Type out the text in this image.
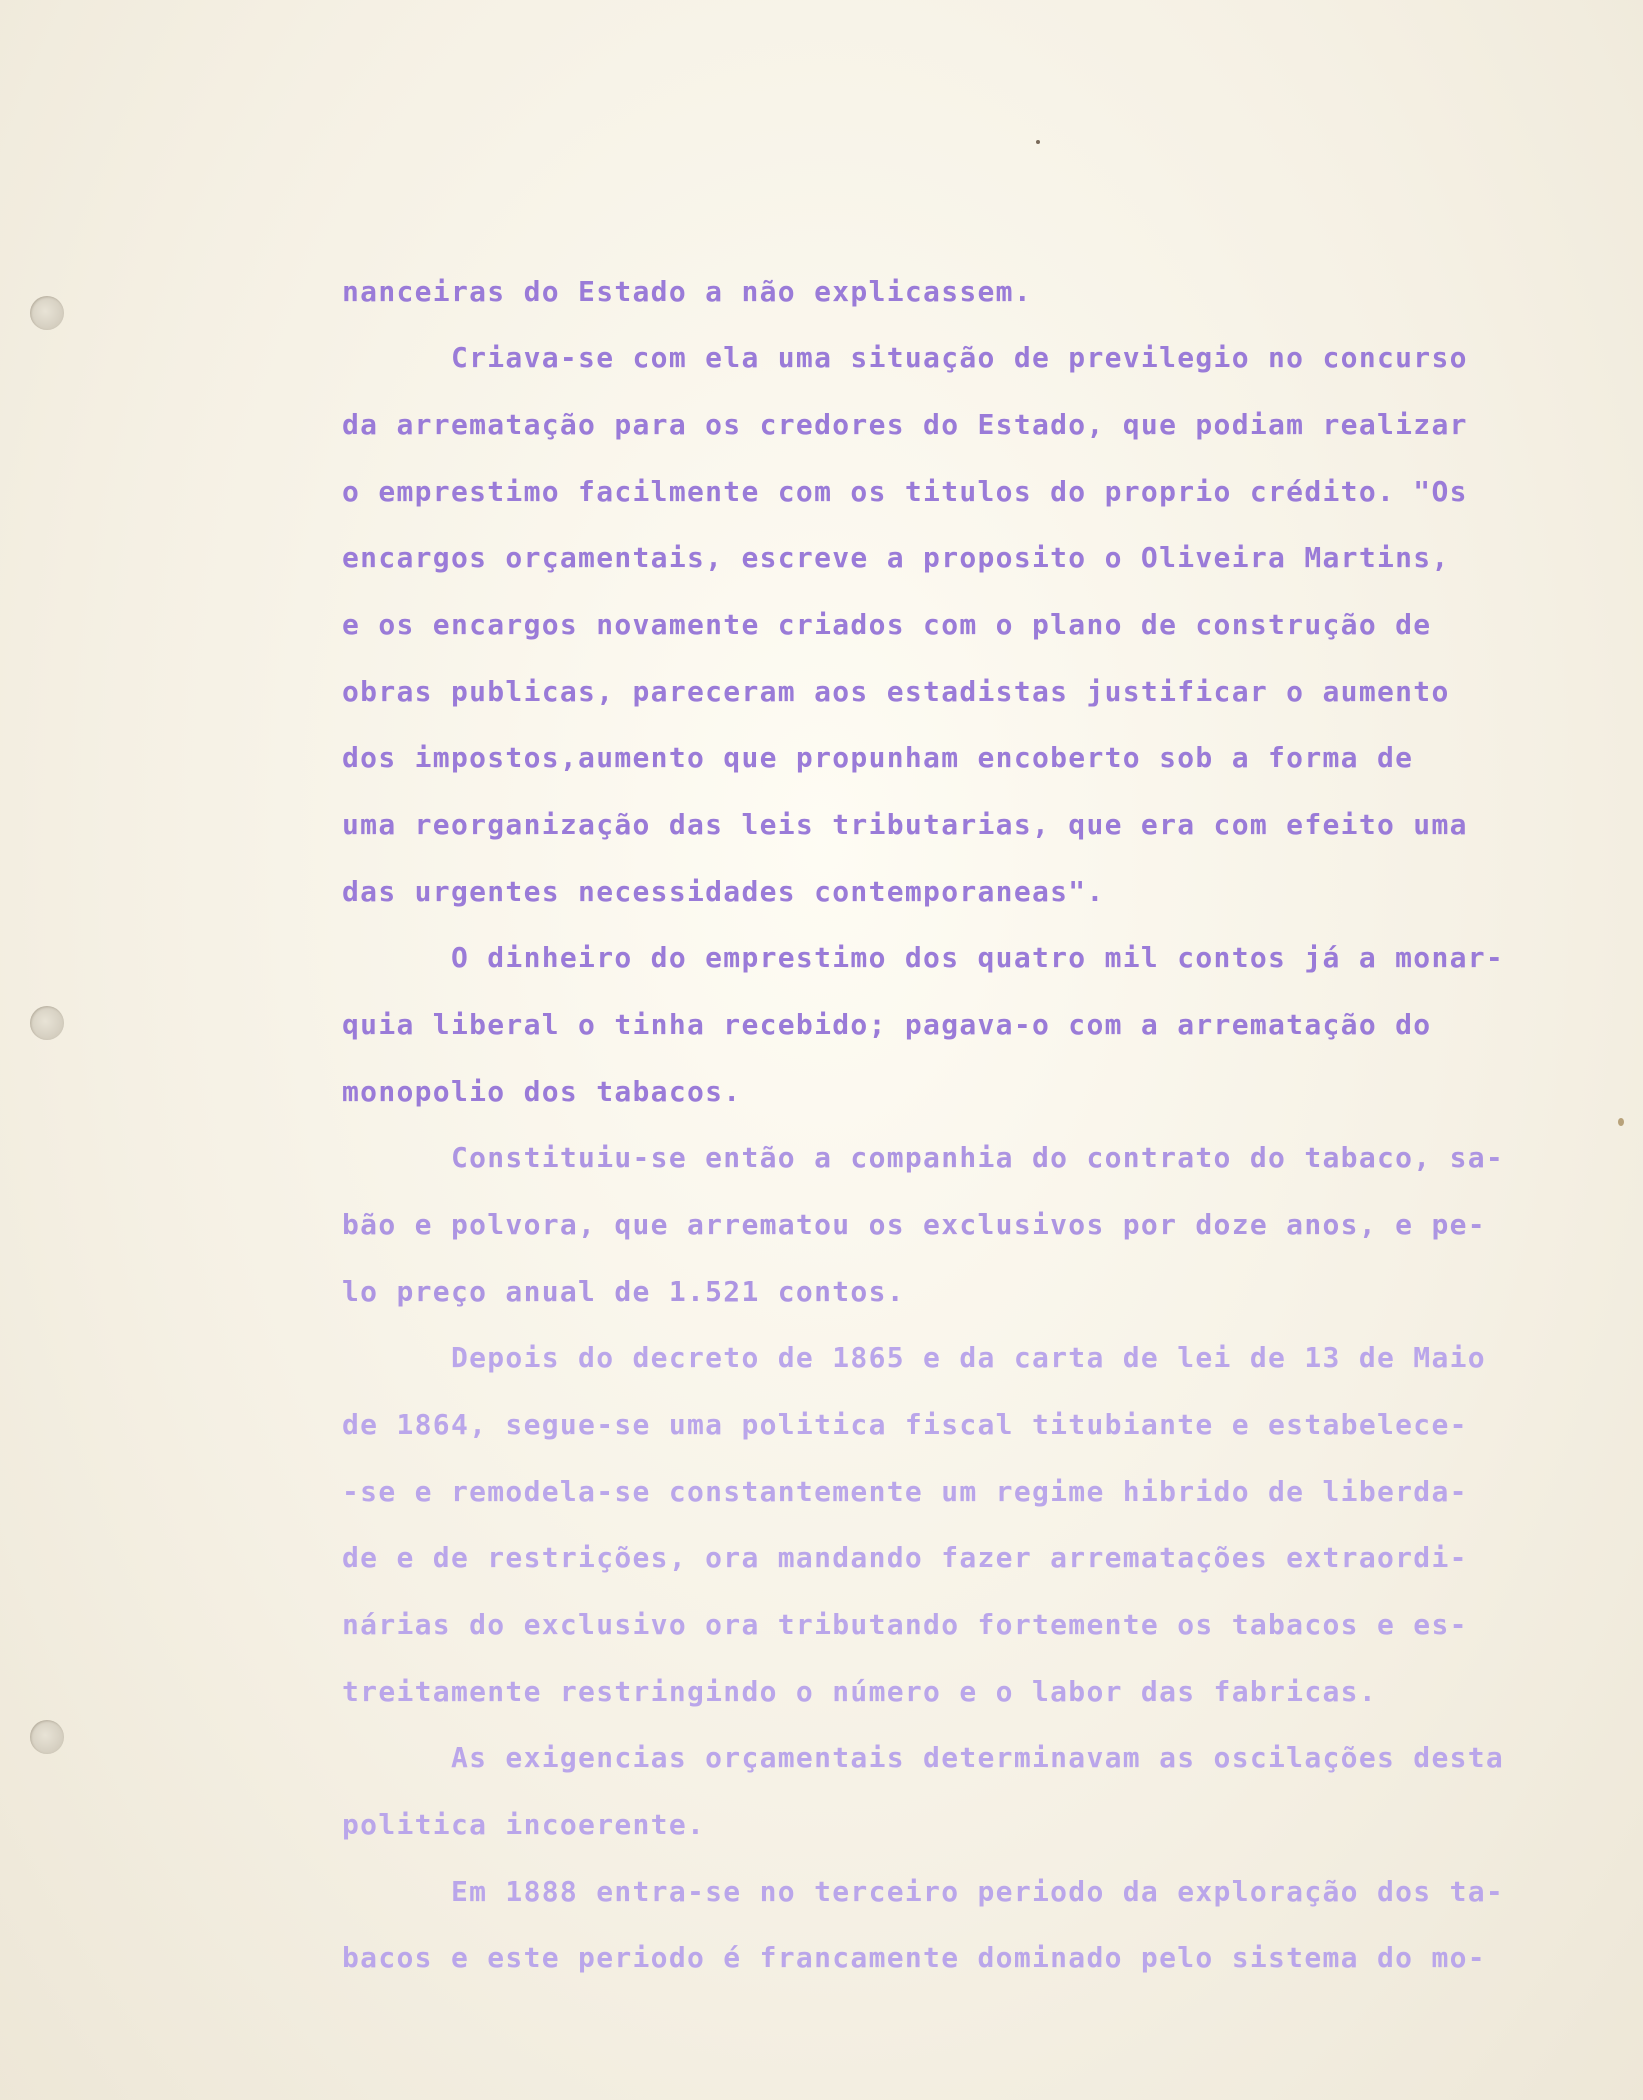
nanceiras do Estado a não explicassem.
Criava-se com ela uma situação de previlegio no concurso
da arrematação para os credores do Estado, que podiam realizar
o emprestimo facilmente com os titulos do proprio crédito. "Os
encargos orçamentais, escreve a proposito o Oliveira Martins,
e os encargos novamente criados com o plano de construção de
obras publicas, pareceram aos estadistas justificar o aumento
dos impostos,aumento que propunham encoberto sob a forma de
uma reorganização das leis tributarias, que era com efeito uma
das urgentes necessidades contemporaneas".
O dinheiro do emprestimo dos quatro mil contos já a monar-
quia liberal o tinha recebido; pagava-o com a arrematação do
monopolio dos tabacos.
Constituiu-se então a companhia do contrato do tabaco, sa-
bão e polvora, que arrematou os exclusivos por doze anos, e pe-
lo preço anual de 1.521 contos.
Depois do decreto de 1865 e da carta de lei de 13 de Maio
de 1864, segue-se uma politica fiscal titubiante e estabelece-
-se e remodela-se constantemente um regime hibrido de liberda-
de e de restrições, ora mandando fazer arrematações extraordi-
nárias do exclusivo ora tributando fortemente os tabacos e es-
treitamente restringindo o número e o labor das fabricas.
As exigencias orçamentais determinavam as oscilações desta
politica incoerente.
Em 1888 entra-se no terceiro periodo da exploração dos ta-
bacos e este periodo é francamente dominado pelo sistema do mo-
